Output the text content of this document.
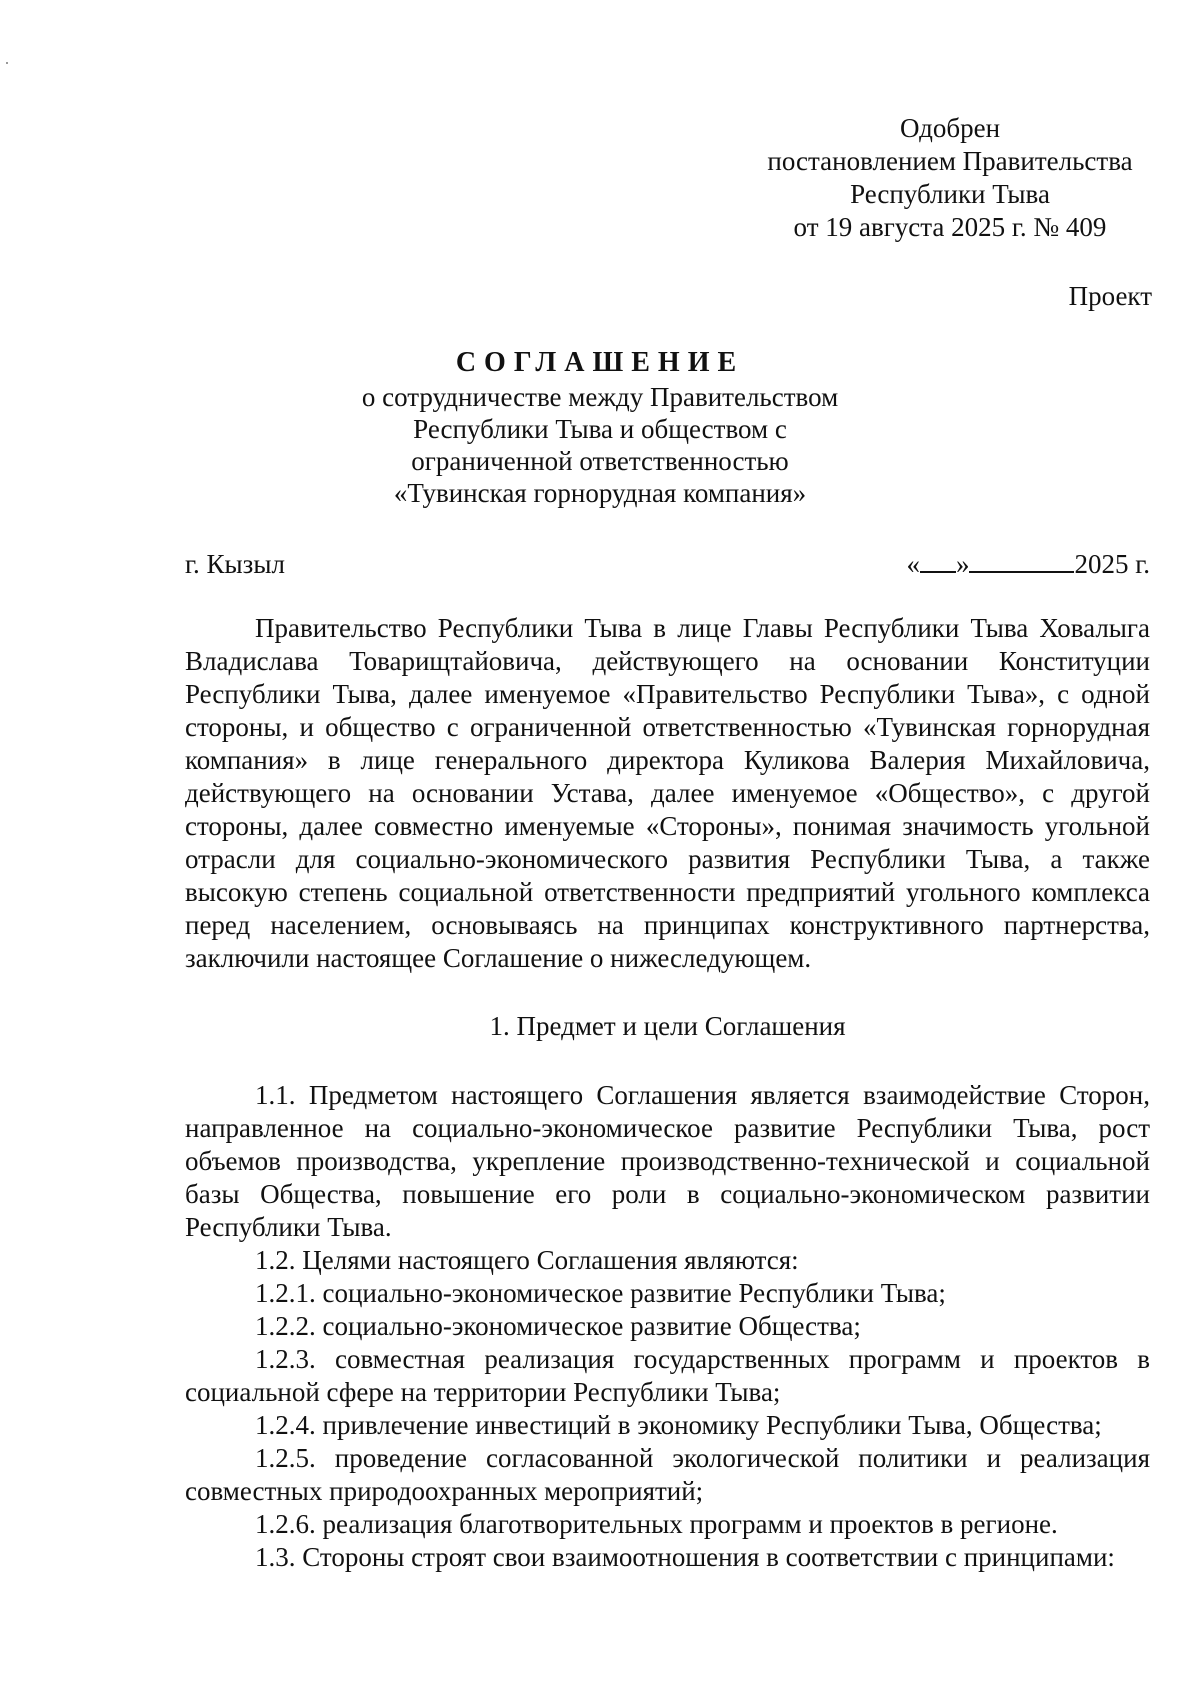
Одобрен
постановлением Правительства
Республики Тыва
от 19 августа 2025 г. № 409
Проект
СОГЛАШЕНИЕ
о сотрудничестве между Правительством
Республики Тыва и обществом с
ограниченной ответственностью
«Тувинская горнорудная компания»
г. Кызыл	« »	2025 г.

Правительство Республики Тыва в лице Главы Республики Тыва Ховалыга Владислава Товарищтайовича, действующего на основании Конституции Республики Тыва, далее именуемое «Правительство Республики Тыва», с одной стороны, и общество с ограниченной ответственностью «Тувинская горнорудная компания» в лице генерального директора Куликова Валерия Михайловича, действующего на основании Устава, далее именуемое «Общество», с другой стороны, далее совместно именуемые «Стороны», понимая значимость угольной отрасли для социально-экономического развития Республики Тыва, а также высокую степень социальной ответственности предприятий угольного комплекса перед населением, основываясь на принципах конструктивного партнерства, заключили настоящее Соглашение о нижеследующем.

1. Предмет и цели Соглашения

1.1. Предметом настоящего Соглашения является взаимодействие Сторон, направленное на социально-экономическое развитие Республики Тыва, рост объемов производства, укрепление производственно-технической и социальной базы Общества, повышение его роли в социально-экономическом развитии Республики Тыва.

1.2. Целями настоящего Соглашения являются:

1.2.1. социально-экономическое развитие Республики Тыва;

1.2.2. социально-экономическое развитие Общества;

1.2.3. совместная реализация государственных программ и проектов в социальной сфере на территории Республики Тыва;

1.2.4. привлечение инвестиций в экономику Республики Тыва, Общества;

1.2.5. проведение согласованной экологической политики и реализация совместных природоохранных мероприятий;

1.2.6. реализация благотворительных программ и проектов в регионе.

1.3. Стороны строят свои взаимоотношения в соответствии с принципами:
